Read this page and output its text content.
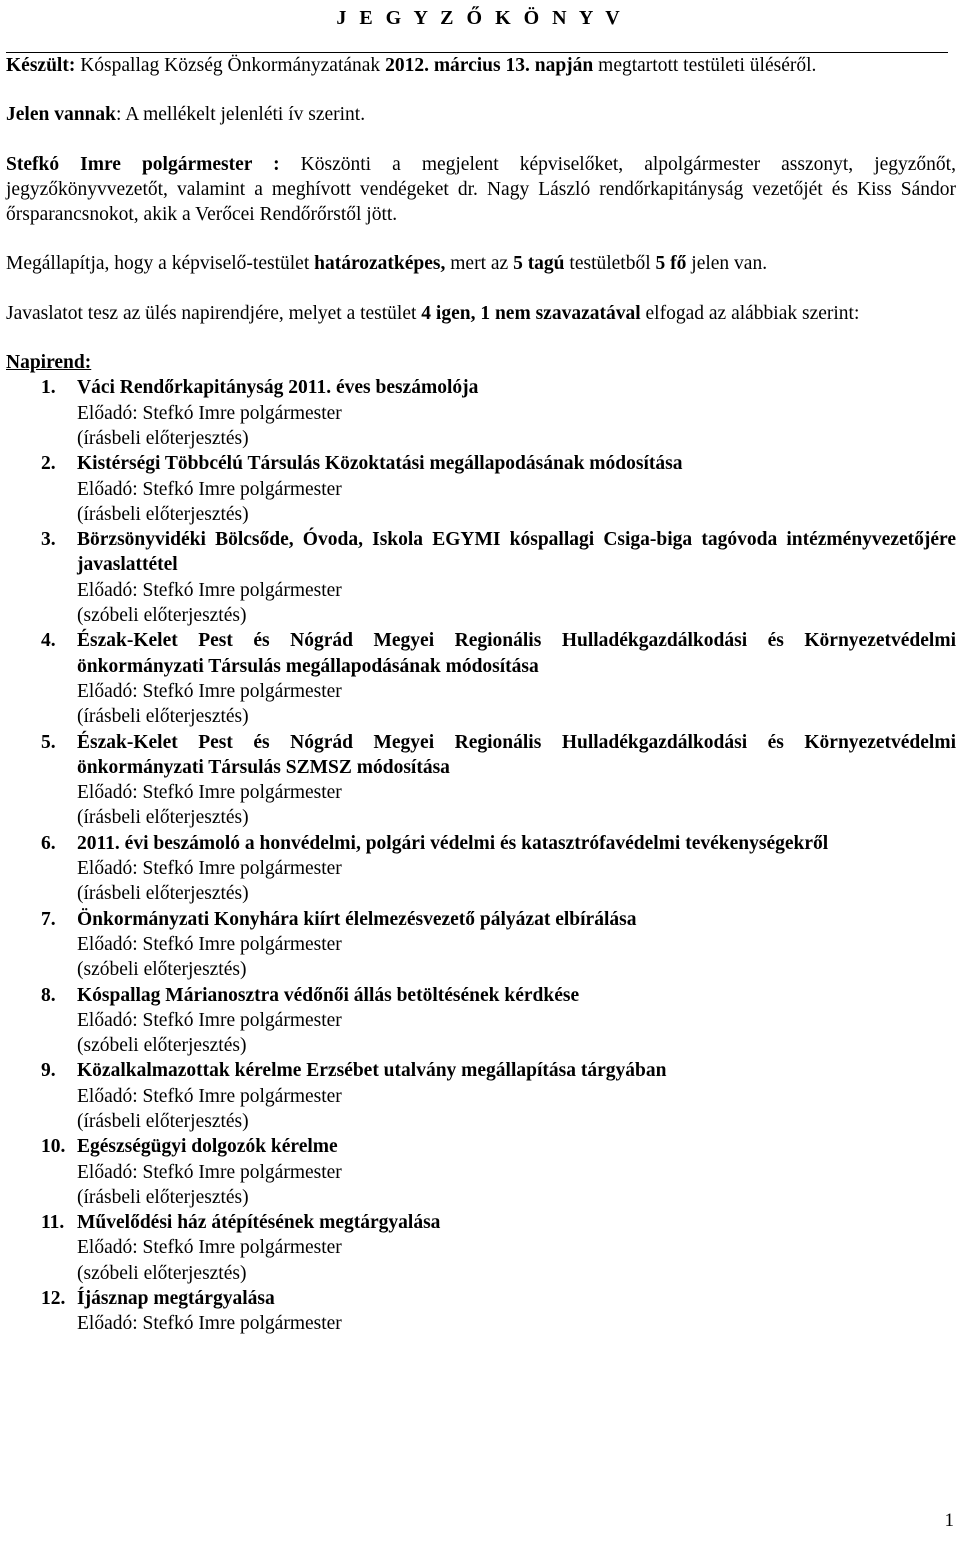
J E G Y Z Ő K Ö N Y V

Készült: Kóspallag Község Önkormányzatának 2012. március 13. napján megtartott testületi üléséről.

Jelen vannak: A mellékelt jelenléti ív szerint.

Stefkó Imre polgármester : Köszönti a megjelent képviselőket, alpolgármester asszonyt, jegyzőnőt, jegyzőkönyvvezetőt, valamint a meghívott vendégeket dr. Nagy László rendőrkapitányság vezetőjét és Kiss Sándor őrsparancsnokot, akik a Verőcei Rendőrőrstől jött.

Megállapítja, hogy a képviselő-testület határozatképes, mert az 5 tagú testületből 5 fő jelen van.

Javaslatot tesz az ülés napirendjére, melyet a testület 4 igen, 1 nem szavazatával elfogad az alábbiak szerint:

Napirend:

1. Váci Rendőrkapitányság 2011. éves beszámolója
Előadó: Stefkó Imre polgármester
(írásbeli előterjesztés)
2. Kistérségi Többcélú Társulás Közoktatási megállapodásának módosítása
Előadó: Stefkó Imre polgármester
(írásbeli előterjesztés)
3. Börzsönyvidéki Bölcsőde, Óvoda, Iskola EGYMI kóspallagi Csiga-biga tagóvoda intézményvezetőjére javaslattétel
Előadó: Stefkó Imre polgármester
(szóbeli előterjesztés)
4. Észak-Kelet Pest és Nógrád Megyei Regionális Hulladékgazdálkodási és Környezetvédelmi önkormányzati Társulás megállapodásának módosítása
Előadó: Stefkó Imre polgármester
(írásbeli előterjesztés)
5. Észak-Kelet Pest és Nógrád Megyei Regionális Hulladékgazdálkodási és Környezetvédelmi önkormányzati Társulás SZMSZ módosítása
Előadó: Stefkó Imre polgármester
(írásbeli előterjesztés)
6. 2011. évi beszámoló a honvédelmi, polgári védelmi és katasztrófavédelmi tevékenységekről
Előadó: Stefkó Imre polgármester
(írásbeli előterjesztés)
7. Önkormányzati Konyhára kiírt élelmezésvezető pályázat elbírálása
Előadó: Stefkó Imre polgármester
(szóbeli előterjesztés)
8. Kóspallag Márianosztra védőnői állás betöltésének kérdkése
Előadó: Stefkó Imre polgármester
(szóbeli előterjesztés)
9. Közalkalmazottak kérelme Erzsébet utalvány megállapítása tárgyában
Előadó: Stefkó Imre polgármester
(írásbeli előterjesztés)
10. Egészségügyi dolgozók kérelme
Előadó: Stefkó Imre polgármester
(írásbeli előterjesztés)
11. Művelődési ház átépítésének megtárgyalása
Előadó: Stefkó Imre polgármester
(szóbeli előterjesztés)
12. Íjásznap megtárgyalása
Előadó: Stefkó Imre polgármester
1
